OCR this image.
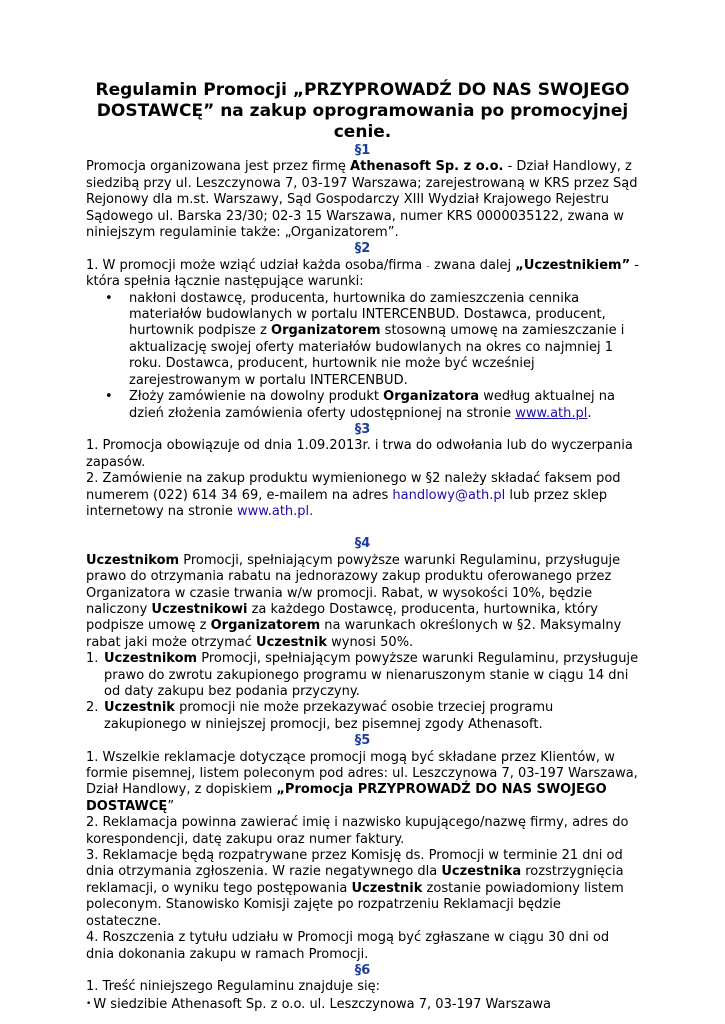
Regulamin Promocji „PRZYPROWADŹ DO NAS SWOJEGO
DOSTAWCĘ” na zakup oprogramowania po promocyjnej cenie.

§1

Promocja organizowana jest przez firmę Athenasoft Sp. z o.o. - Dział Handlowy, z siedzibą przy ul. Leszczynowa 7, 03-197 Warszawa; zarejestrowaną w KRS przez Sąd Rejonowy dla m.st. Warszawy, Sąd Gospodarczy XIII Wydział Krajowego Rejestru Sądowego ul. Barska 23/30; 02-3 15 Warszawa, numer KRS 0000035122, zwana w niniejszym regulaminie także: „Organizatorem”.

§2

1. W promocji może wziąć udział każda osoba/firma – zwana dalej „Uczestnikiem” - która spełnia łącznie następujące warunki:

• nakłoni dostawcę, producenta, hurtownika do zamieszczenia cennika materiałów budowlanych w portalu INTERCENBUD. Dostawca, producent, hurtownik podpisze z Organizatorem stosowną umowę na zamieszczanie i aktualizację swojej oferty materiałów budowlanych na okres co najmniej 1 roku. Dostawca, producent, hurtownik nie może być wcześniej zarejestrowanym w portalu INTERCENBUD.
• Złoży zamówienie na dowolny produkt Organizatora według aktualnej na dzień złożenia zamówienia oferty udostępnionej na stronie www.ath.pl.

§3

1. Promocja obowiązuje od dnia 1.09.2013r. i trwa do odwołania lub do wyczerpania zapasów.

2. Zamówienie na zakup produktu wymienionego w §2 należy składać faksem pod numerem (022) 614 34 69, e-mailem na adres handlowy@ath.pl lub przez sklep internetowy na stronie www.ath.pl.

§4

Uczestnikom Promocji, spełniającym powyższe warunki Regulaminu, przysługuje prawo do otrzymania rabatu na jednorazowy zakup produktu oferowanego przez Organizatora w czasie trwania w/w promocji. Rabat, w wysokości 10%, będzie naliczony Uczestnikowi za każdego Dostawcę, producenta, hurtownika, który podpisze umowę z Organizatorem na warunkach określonych w §2. Maksymalny rabat jaki może otrzymać Uczestnik wynosi 50%.

1. Uczestnikom Promocji, spełniającym powyższe warunki Regulaminu, przysługuje prawo do zwrotu zakupionego programu w nienaruszonym stanie w ciągu 14 dni od daty zakupu bez podania przyczyny.
2. Uczestnik promocji nie może przekazywać osobie trzeciej programu zakupionego w niniejszej promocji, bez pisemnej zgody Athenasoft.

§5

1. Wszelkie reklamacje dotyczące promocji mogą być składane przez Klientów, w formie pisemnej, listem poleconym pod adres: ul. Leszczynowa 7, 03-197 Warszawa, Dział Handlowy, z dopiskiem „Promocja PRZYPROWADŹ DO NAS SWOJEGO DOSTAWCĘ”

2. Reklamacja powinna zawierać imię i nazwisko kupującego/nazwę firmy, adres do korespondencji, datę zakupu oraz numer faktury.

3. Reklamacje będą rozpatrywane przez Komisję ds. Promocji w terminie 21 dni od dnia otrzymania zgłoszenia. W razie negatywnego dla Uczestnika rozstrzygnięcia reklamacji, o wyniku tego postępowania Uczestnik zostanie powiadomiony listem poleconym. Stanowisko Komisji zajęte po rozpatrzeniu Reklamacji będzie ostateczne.

4. Roszczenia z tytułu udziału w Promocji mogą być zgłaszane w ciągu 30 dni od dnia dokonania zakupu w ramach Promocji.

§6

1. Treść niniejszego Regulaminu znajduje się:

• W siedzibie Athenasoft Sp. z o.o. ul. Leszczynowa 7, 03-197 Warszawa
